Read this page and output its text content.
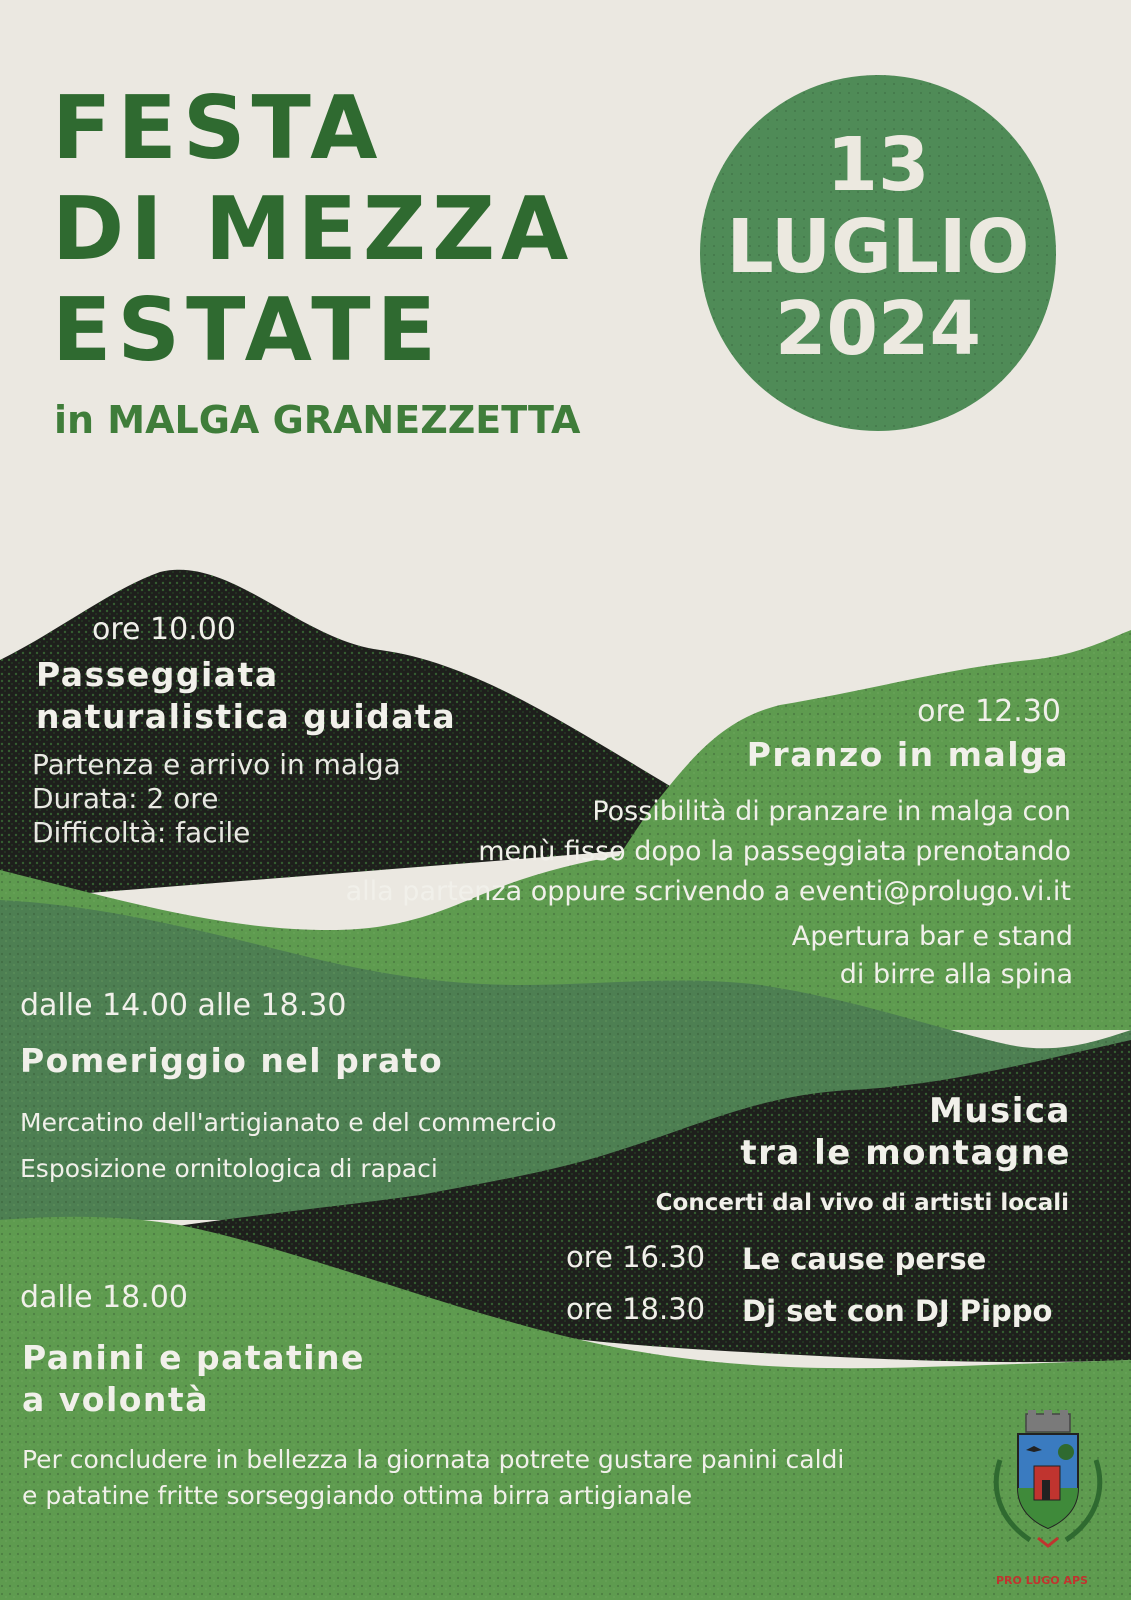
FESTA
DI MEZZA
ESTATE
in MALGA GRANEZZETTA
13
LUGLIO
2024
ore 10.00
Passeggiata
naturalistica guidata
Partenza e arrivo in malga
Durata: 2 ore
Difficoltà: facile
ore 12.30
Pranzo in malga
Possibilità di pranzare in malga con
menù fisso dopo la passeggiata prenotando
alla partenza oppure scrivendo a eventi@prolugo.vi.it
Apertura bar e stand
di birre alla spina
dalle 14.00 alle 18.30
Pomeriggio nel prato
Mercatino dell'artigianato e del commercio
Esposizione ornitologica di rapaci
Musica
tra le montagne
Concerti dal vivo di artisti locali
ore 16.30 Le cause perse
ore 18.30 Dj set con DJ Pippo
dalle 18.00
Panini e patatine
a volontà
Per concludere in bellezza la giornata potrete gustare panini caldi
e patatine fritte sorseggiando ottima birra artigianale
PRO LUGO APS
